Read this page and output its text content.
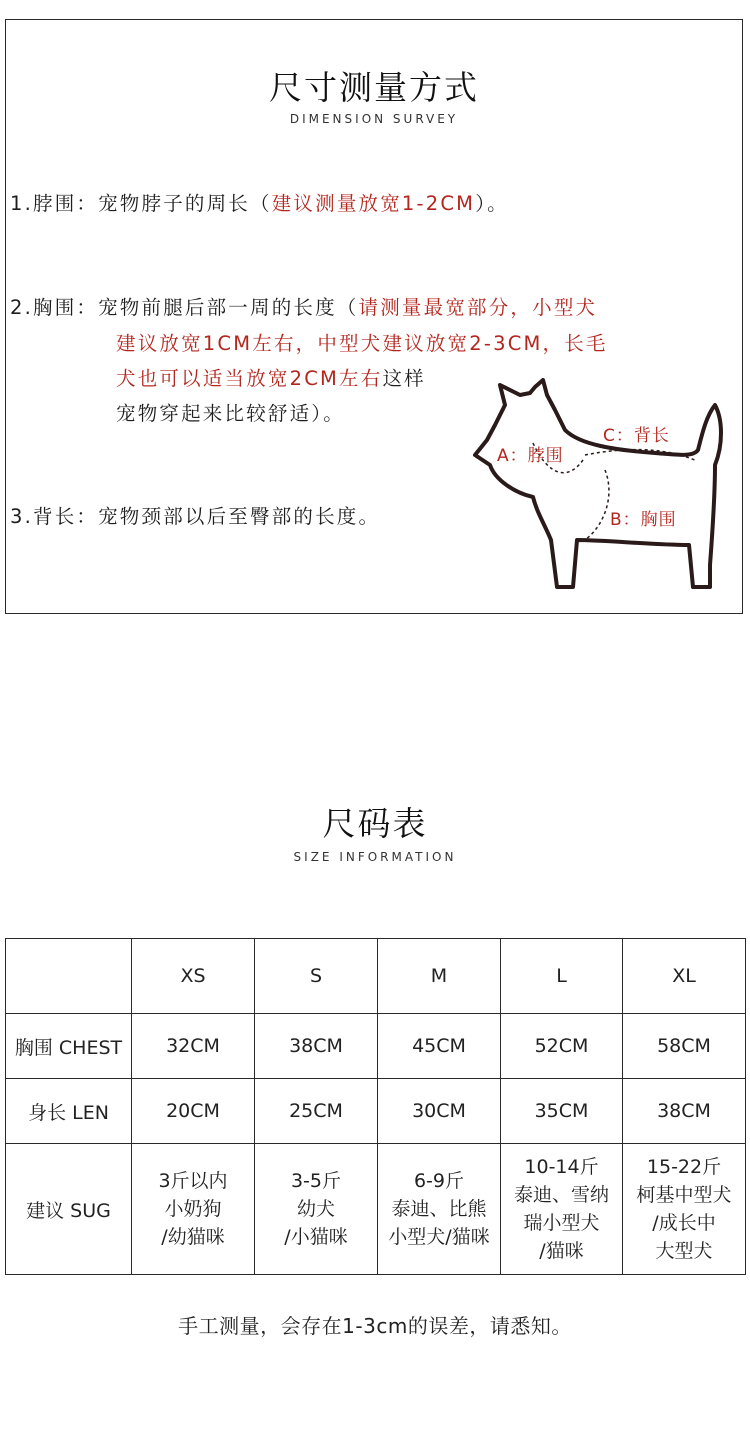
尺寸测量方式
DIMENSION SURVEY
1.脖围：宠物脖子的周长（建议测量放宽1-2CM）。
2.胸围：宠物前腿后部一周的长度（请测量最宽部分，小型犬
建议放宽1CM左右，中型犬建议放宽2-3CM，长毛
犬也可以适当放宽2CM左右这样
宠物穿起来比较舒适）。
3.背长：宠物颈部以后至臀部的长度。
A：脖围
C：背长
B：胸围
尺码表
SIZE INFORMATION
	XS	S	M	L	XL
胸围 CHEST	32CM	38CM	45CM	52CM	58CM
身长 LEN	20CM	25CM	30CM	35CM	38CM
建议 SUG	3斤以内
小奶狗
/幼猫咪	3-5斤
幼犬
/小猫咪	6-9斤
泰迪、比熊
小型犬/猫咪	10-14斤
泰迪、雪纳
瑞小型犬
/猫咪	15-22斤
柯基中型犬
/成长中
大型犬
手工测量，会存在1-3cm的误差，请悉知。
